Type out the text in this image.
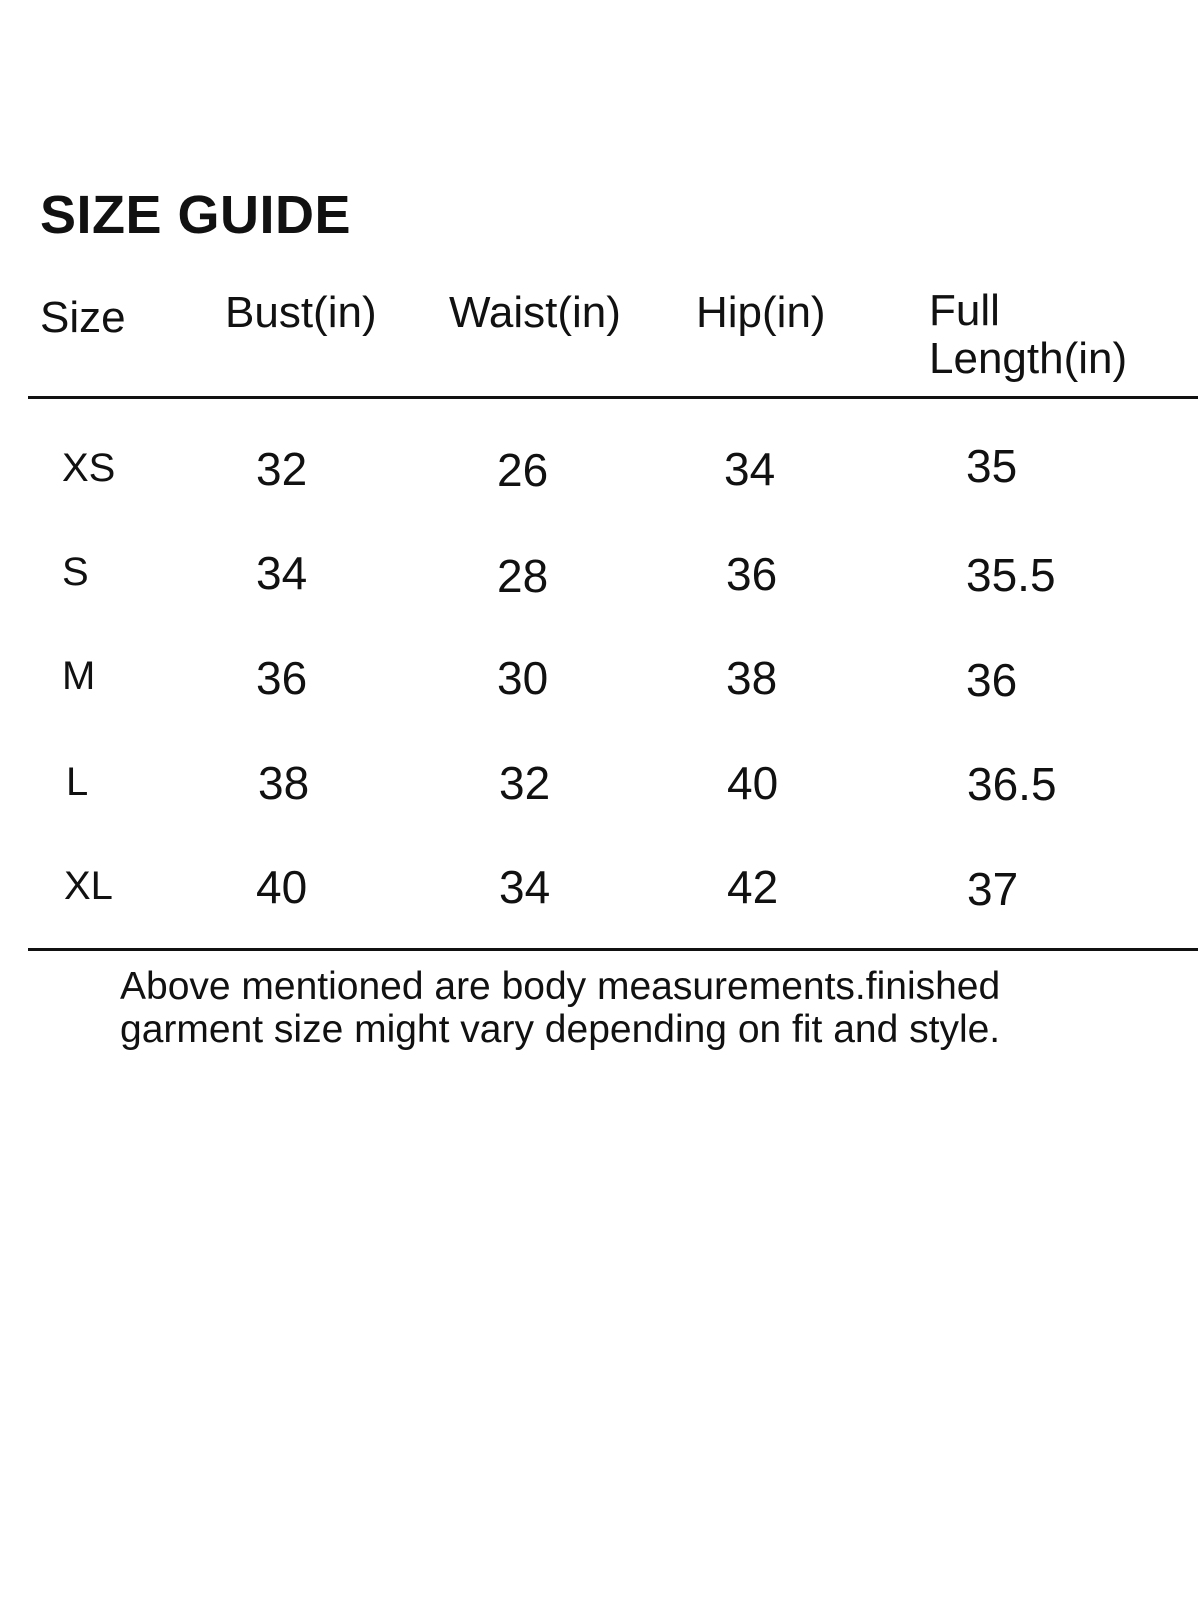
SIZE GUIDE
Size Bust(in) Waist(in) Hip(in) Full Length(in)
XS	32	26	34	35
S	34	28	36	35.5
M	36	30	38	36
L	38	32	40	36.5
XL	40	34	42	37
Above mentioned are body measurements.finished garment size might vary depending on fit and style.
